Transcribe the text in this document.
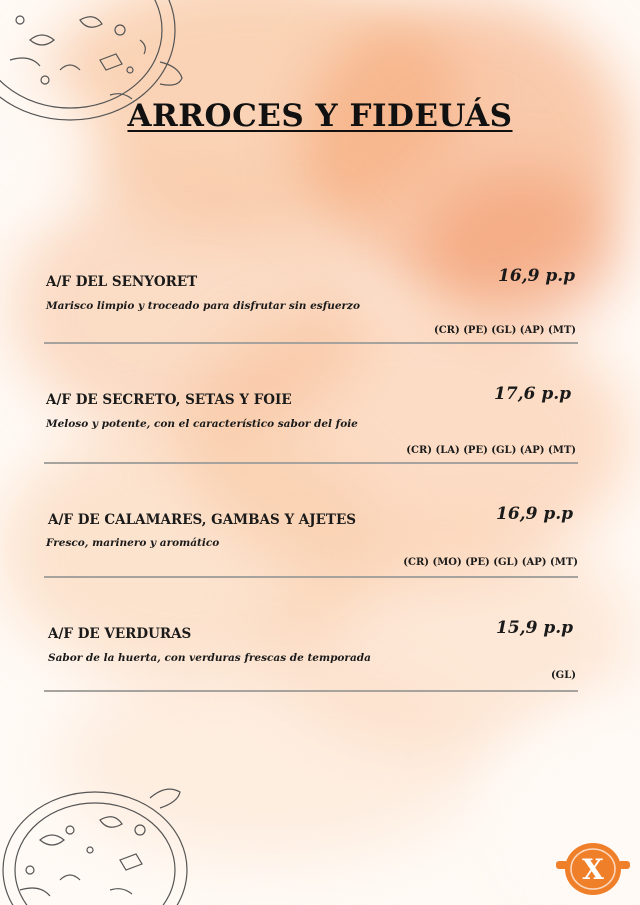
ARROCES Y FIDEUÁS
A/F DEL SENYORET	16,9 p.p
Marisco limpio y troceado para disfrutar sin esfuerzo
(CR) (PE) (GL) (AP) (MT)
A/F DE SECRETO, SETAS Y FOIE	17,6 p.p
Meloso y potente, con el característico sabor del foie
(CR) (LA) (PE) (GL) (AP) (MT)
A/F DE CALAMARES, GAMBAS Y AJETES	16,9 p.p
Fresco, marinero y aromático
(CR) (MO) (PE) (GL) (AP) (MT)
A/F DE VERDURAS	15,9 p.p
Sabor de la huerta, con verduras frescas de temporada
(GL)
X
